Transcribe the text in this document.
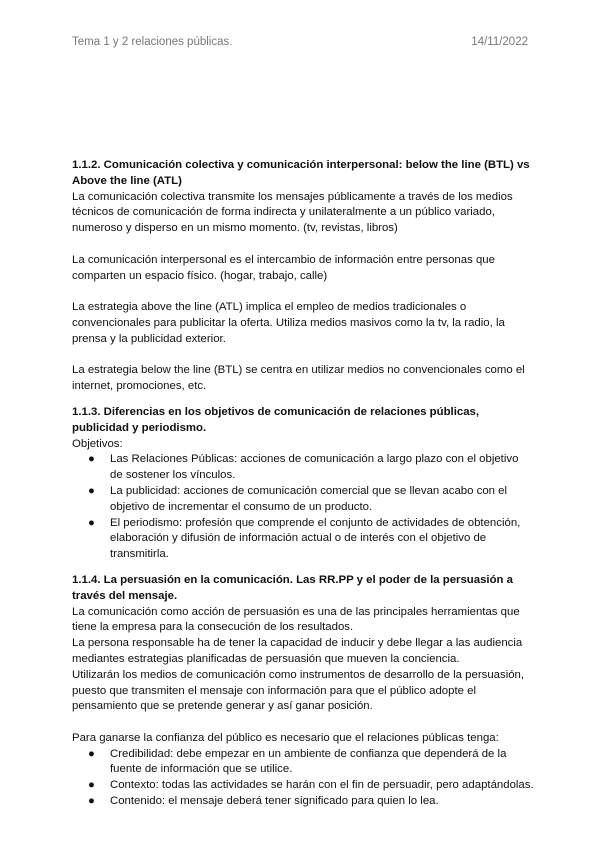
Tema 1 y 2 relaciones públicas.	14/11/2022
1.1.2. Comunicación colectiva y comunicación interpersonal: below the line (BTL) vs Above the line (ATL)

La comunicación colectiva transmite los mensajes públicamente a través de los medios técnicos de comunicación de forma indirecta y unilateralmente a un público variado, numeroso y disperso en un mismo momento. (tv, revistas, libros)

La comunicación interpersonal es el intercambio de información entre personas que comparten un espacio físico. (hogar, trabajo, calle)

La estrategia above the line (ATL) implica el empleo de medios tradicionales o convencionales para publicitar la oferta. Utiliza medios masivos como la tv, la radio, la prensa y la publicidad exterior.

La estrategia below the line (BTL) se centra en utilizar medios no convencionales como el internet, promociones, etc.

1.1.3. Diferencias en los objetivos de comunicación de relaciones públicas, publicidad y periodismo.

Objetivos:

● Las Relaciones Públicas: acciones de comunicación a largo plazo con el objetivo de sostener los vínculos.
● La publicidad: acciones de comunicación comercial que se llevan acabo con el objetivo de incrementar el consumo de un producto.
● El periodismo: profesión que comprende el conjunto de actividades de obtención, elaboración y difusión de información actual o de interés con el objetivo de transmitirla.
1.1.4. La persuasión en la comunicación. Las RR.PP y el poder de la persuasión a través del mensaje.

La comunicación como acción de persuasión es una de las principales herramientas que tiene la empresa para la consecución de los resultados.

La persona responsable ha de tener la capacidad de inducir y debe llegar a las audiencia mediantes estrategias planificadas de persuasión que mueven la conciencia.

Utilizarán los medios de comunicación como instrumentos de desarrollo de la persuasión, puesto que transmiten el mensaje con información para que el público adopte el pensamiento que se pretende generar y así ganar posición.

Para ganarse la confianza del público es necesario que el relaciones públicas tenga:

● Credibilidad: debe empezar en un ambiente de confianza que dependerá de la fuente de información que se utilice.
● Contexto: todas las actividades se harán con el fin de persuadir, pero adaptándolas.
● Contenido: el mensaje deberá tener significado para quien lo lea.
